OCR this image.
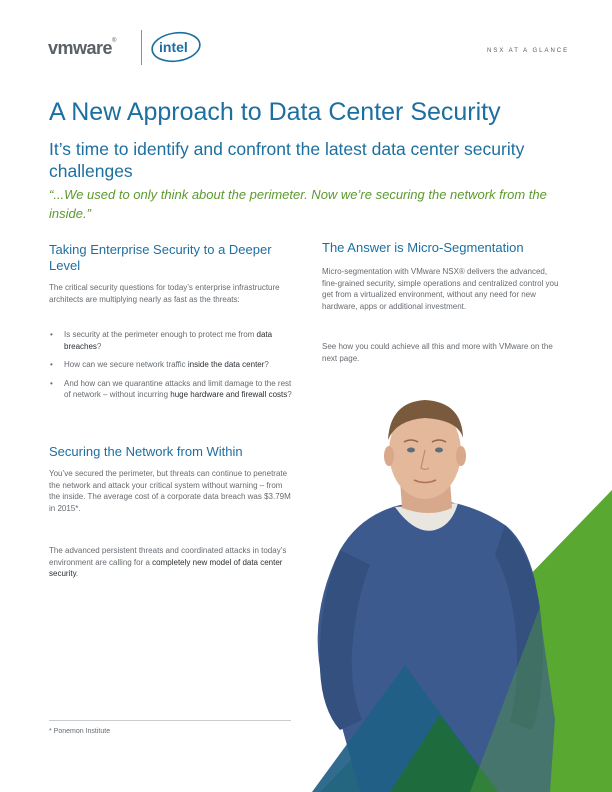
vmware®	intel	NSX AT A GLANCE
A New Approach to Data Center Security
It’s time to identify and confront the latest data center security challenges
“...We used to only think about the perimeter. Now we’re securing the network from the inside.”
Taking Enterprise Security to a Deeper Level

The critical security questions for today’s enterprise infrastructure architects are multiplying nearly as fast as the threats:

• Is security at the perimeter enough to protect me from data breaches?
• How can we secure network traffic inside the data center?
• And how can we quarantine attacks and limit damage to the rest of network – without incurring huge hardware and firewall costs?
Securing the Network from Within

You’ve secured the perimeter, but threats can continue to penetrate the network and attack your critical system without warning – from the inside. The average cost of a corporate data breach was $3.79M in 2015*.

The advanced persistent threats and coordinated attacks in today’s environment are calling for a completely new model of data center security.

The Answer is Micro-Segmentation

Micro-segmentation with VMware NSX® delivers the advanced, fine-grained security, simple operations and centralized control you get from a virtualized environment, without any need for new hardware, apps or additional investment.

See how you could achieve all this and more with VMware on the next page.

* Ponemon Institute
